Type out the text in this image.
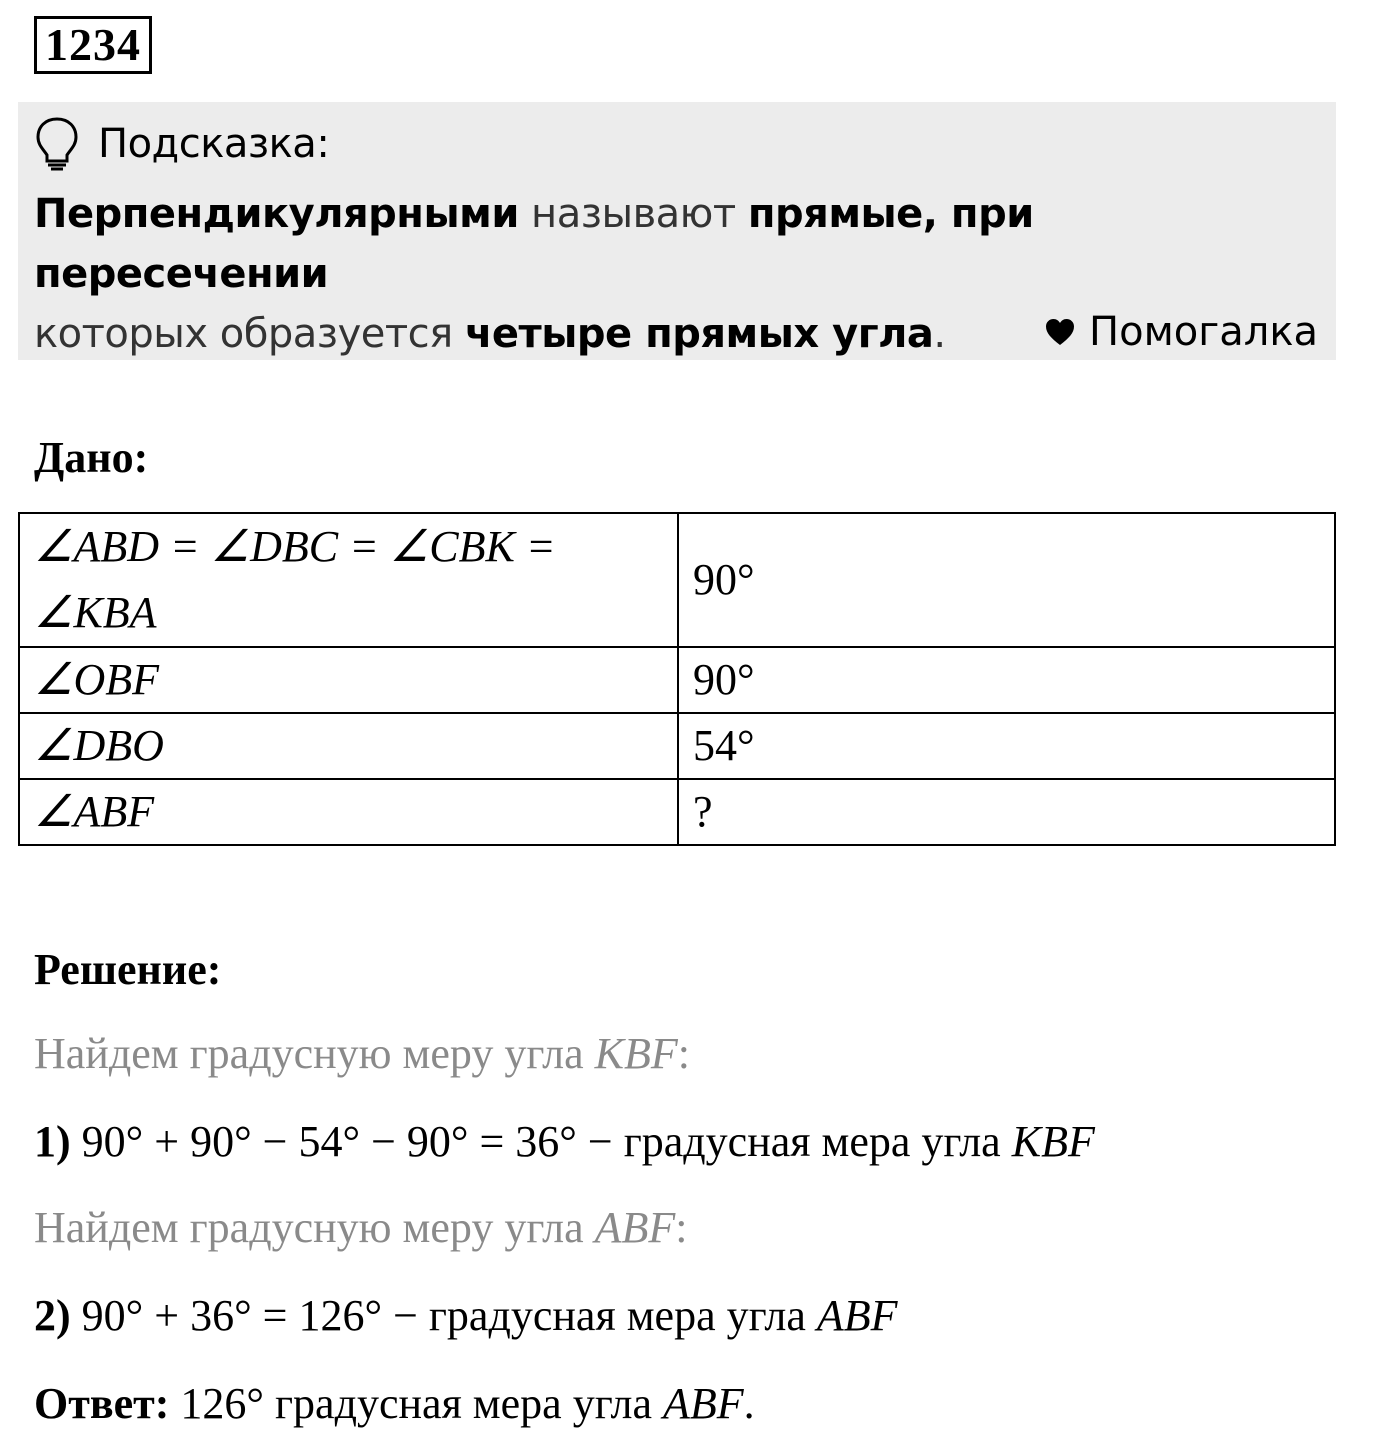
1234
Подсказка:
Перпендикулярными называют прямые, при пересечении
которых образуется четыре прямых угла.	Помогалка
Дано:
∠ABD = ∠DBC = ∠CBK =
∠KBA	90°
∠OBF	90°
∠DBO	54°
∠ABF	?
Решение:
Найдем градусную меру угла KBF:
1) 90° + 90° − 54° − 90° = 36° − градусная мера угла KBF
Найдем градусную меру угла ABF:
2) 90° + 36° = 126° − градусная мера угла ABF
Ответ: 126° градусная мера угла ABF.
